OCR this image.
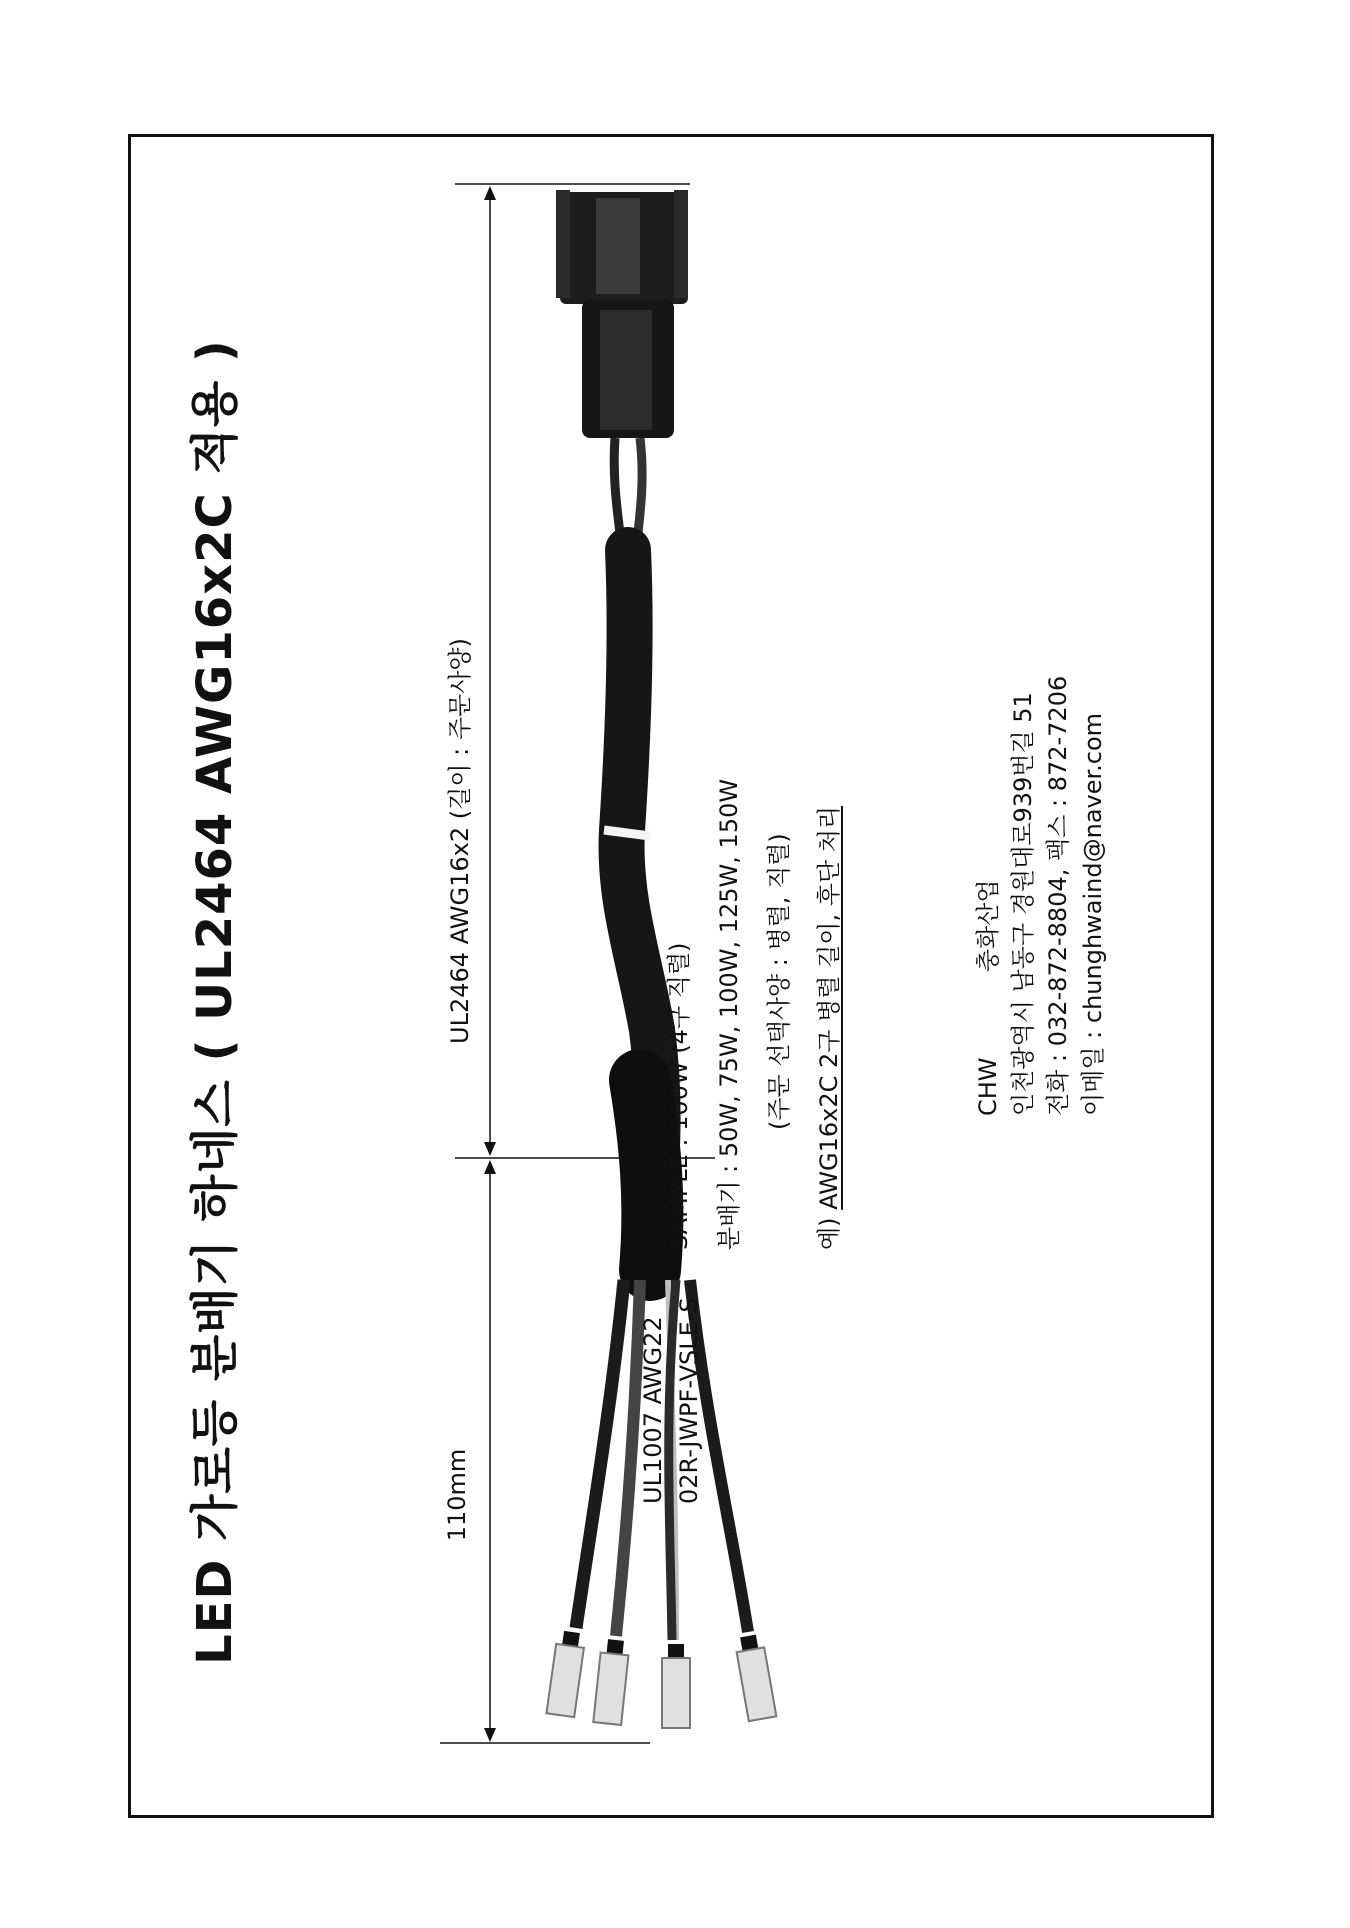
LED 가로등 분배기 하네스 ( UL2464 AWG16x2C 적용 )	UL2464 AWG16x2 (길이 : 주문사양)
110mm	UL1007 AWG22 02R-JWPF-VSLE-S
SAMPLE : 100W (4구 직렬) 분배기 : 50W, 75W, 100W, 125W, 150W (주문 선택사양 : 병렬, 직렬)
예) AWG16x2C 2구 병렬 길이, 후단 처리	CHW  충화산업 인천광역시 남동구 경원대로939번길 51 전화 : 032-872-8804, 팩스 : 872-7206 이메일 : chunghwaind@naver.com
